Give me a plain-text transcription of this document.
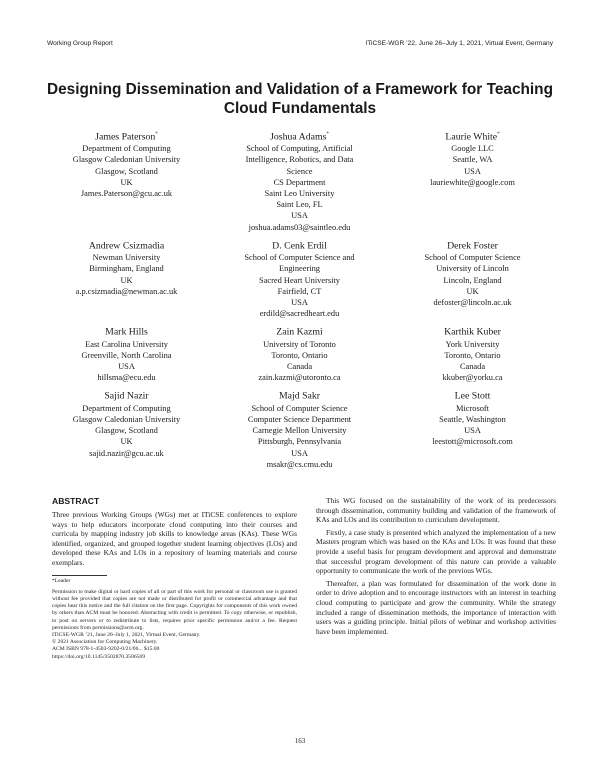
Working Group Report	ITiCSE-WGR ’22, June 26–July 1, 2021, Virtual Event, Germany
Designing Dissemination and Validation of a Framework for Teaching Cloud Fundamentals
James Paterson*
Department of Computing
Glasgow Caledonian University
Glasgow, Scotland
UK
James.Paterson@gcu.ac.uk
Joshua Adams*
School of Computing, Artificial
Intelligence, Robotics, and Data
Science
CS Department
Saint Leo University
Saint Leo, FL
USA
joshua.adams03@saintleo.edu
Laurie White*
Google LLC
Seattle, WA
USA
lauriewhite@google.com
Andrew Csizmadia
Newman University
Birmingham, England
UK
a.p.csizmadia@newman.ac.uk
D. Cenk Erdil
School of Computer Science and
Engineering
Sacred Heart University
Fairfield, CT
USA
erdild@sacredheart.edu
Derek Foster
School of Computer Science
University of Lincoln
Lincoln, England
UK
defoster@lincoln.ac.uk
Mark Hills
East Carolina University
Greenville, North Carolina
USA
hillsma@ecu.edu
Zain Kazmi
University of Toronto
Toronto, Ontario
Canada
zain.kazmi@utoronto.ca
Karthik Kuber
York University
Toronto, Ontario
Canada
kkuber@yorku.ca
Sajid Nazir
Department of Computing
Glasgow Caledonian University
Glasgow, Scotland
UK
sajid.nazir@gcu.ac.uk
Majd Sakr
School of Computer Science
Computer Science Department
Carnegie Mellon University
Pittsburgh, Pennsylvania
USA
msakr@cs.cmu.edu
Lee Stott
Microsoft
Seattle, Washington
USA
leestott@microsoft.com
ABSTRACT

Three previous Working Groups (WGs) met at ITiCSE conferences to explore ways to help educators incorporate cloud computing into their courses and curricula by mapping industry job skills to knowledge areas (KAs). These WGs identified, organized, and grouped together student learning objectives (LOs) and developed these KAs and LOs in a repository of learning materials and course exemplars.

*Leader

Permission to make digital or hard copies of all or part of this work for personal or classroom use is granted without fee provided that copies are not made or distributed for profit or commercial advantage and that copies bear this notice and the full citation on the first page. Copyrights for components of this work owned by others than ACM must be honored. Abstracting with credit is permitted. To copy otherwise, or republish, to post on servers or to redistribute to lists, requires prior specific permission and/or a fee. Request permissions from permissions@acm.org.

ITiCSE-WGR ’21, June 26–July 1, 2021, Virtual Event, Germany.

© 2021 Association for Computing Machinery.

ACM ISBN 978-1-4503-9202-0/21/06... $15.00

https://doi.org/10.1145/3502870.3506569

This WG focused on the sustainability of the work of its predecessors through dissemination, community building and validation of the framework of KAs and LOs and its contribution to curriculum development.

Firstly, a case study is presented which analyzed the implementation of a new Masters program which was based on the KAs and LOs. It was found that these provide a useful basis for program development and approval and demonstrate that successful program development of this nature can provide a valuable opportunity to communicate the work of the previous WGs.

Thereafter, a plan was formulated for dissemination of the work done in order to drive adoption and to encourage instructors with an interest in teaching cloud computing to participate and grow the community. While the strategy included a range of dissemination methods, the importance of interaction with users was a guiding principle. Initial pilots of webinar and workshop activities have been implemented.

163
